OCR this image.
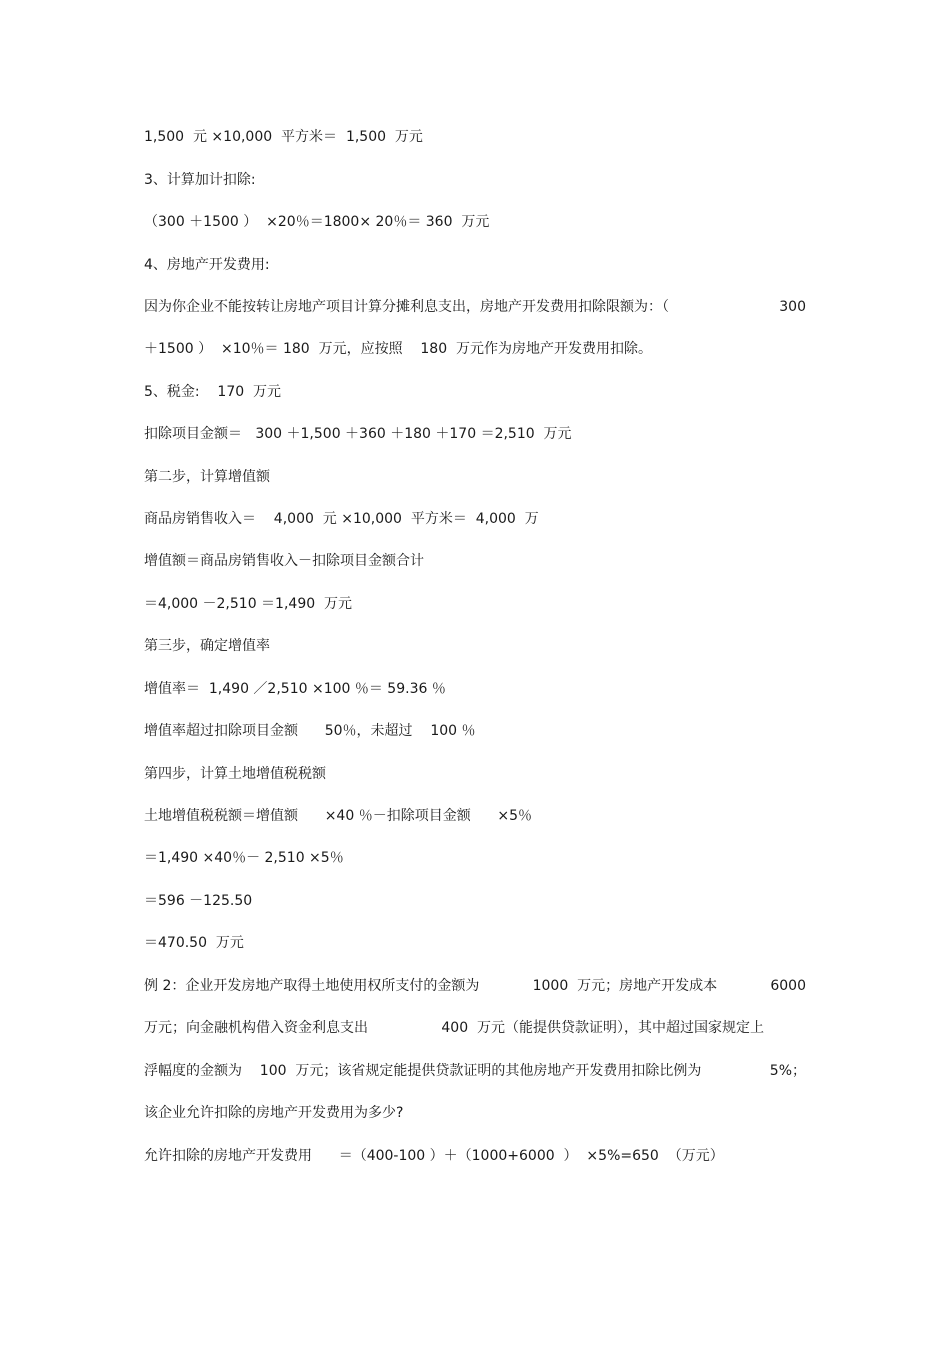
1,500  元 ×10,000  平方米＝  1,500  万元
3、计算加计扣除:
（300 ＋1500 ）  ×20％＝1800× 20％＝ 360  万元
4、房地产开发费用:
因为你企业不能按转让房地产项目计算分摊利息支出，房地产开发费用扣除限额为：（	300
＋1500 ）  ×10％＝ 180  万元，应按照    180  万元作为房地产开发费用扣除。
5、税金:    170  万元
扣除项目金额＝   300 ＋1,500 ＋360 ＋180 ＋170 ＝2,510  万元
第二步，计算增值额
商品房销售收入＝    4,000  元 ×10,000  平方米＝  4,000  万
增值额＝商品房销售收入－扣除项目金额合计
＝4,000 －2,510 ＝1,490  万元
第三步，确定增值率
增值率＝  1,490 ／2,510 ×100 ％＝ 59.36 ％
增值率超过扣除项目金额      50％，未超过    100 ％
第四步，计算土地增值税税额
土地增值税税额＝增值额      ×40 ％－扣除项目金额      ×5％
＝1,490 ×40％－ 2,510 ×5％
＝596 －125.50
＝470.50  万元
例 2：企业开发房地产取得土地使用权所支付的金额为	1000  万元；房地产开发成本	6000
万元；向金融机构借入资金利息支出	400  万元（能提供贷款证明），其中超过国家规定上
浮幅度的金额为    100  万元；该省规定能提供贷款证明的其他房地产开发费用扣除比例为	5%；
该企业允许扣除的房地产开发费用为多少?
允许扣除的房地产开发费用      ＝（400-100 ）＋（1000+6000  ）  ×5%=650  （万元）
